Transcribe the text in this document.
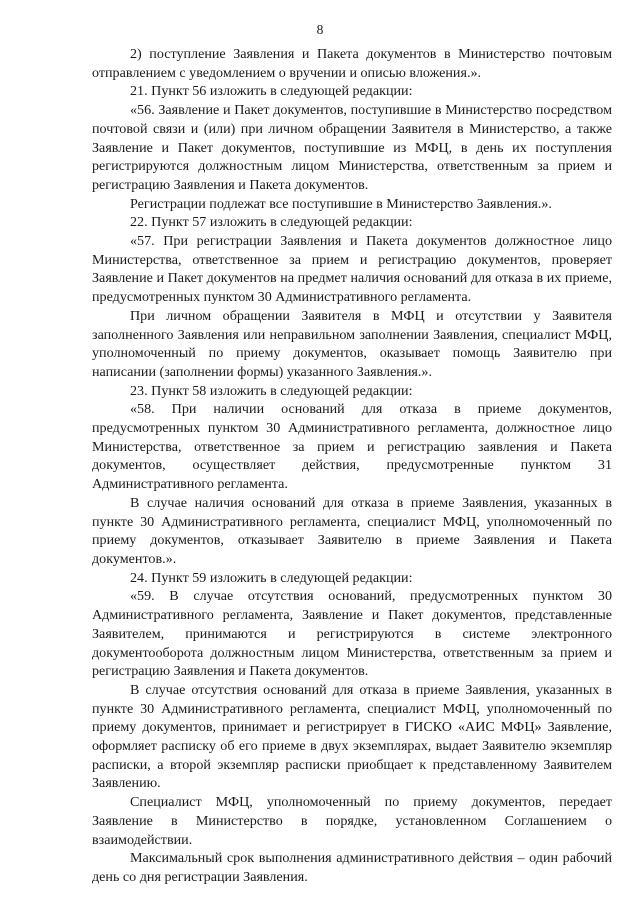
8

2) поступление Заявления и Пакета документов в Министерство почтовым отправлением с уведомлением о вручении и описью вложения.».

21. Пункт 56 изложить в следующей редакции:

«56. Заявление и Пакет документов, поступившие в Министерство посредством почтовой связи и (или) при личном обращении Заявителя в Министерство, а также Заявление и Пакет документов, поступившие из МФЦ, в день их поступления регистрируются должностным лицом Министерства, ответственным за прием и регистрацию Заявления и Пакета документов.

Регистрации подлежат все поступившие в Министерство Заявления.».

22. Пункт 57 изложить в следующей редакции:

«57. При регистрации Заявления и Пакета документов должностное лицо Министерства, ответственное за прием и регистрацию документов, проверяет Заявление и Пакет документов на предмет наличия оснований для отказа в их приеме, предусмотренных пунктом 30 Административного регламента.

При личном обращении Заявителя в МФЦ и отсутствии у Заявителя заполненного Заявления или неправильном заполнении Заявления, специалист МФЦ, уполномоченный по приему документов, оказывает помощь Заявителю при написании (заполнении формы) указанного Заявления.».

23. Пункт 58 изложить в следующей редакции:

«58. При наличии оснований для отказа в приеме документов, предусмотренных пунктом 30 Административного регламента, должностное лицо Министерства, ответственное за прием и регистрацию заявления и Пакета документов, осуществляет действия, предусмотренные пунктом 31 Административного регламента.

В случае наличия оснований для отказа в приеме Заявления, указанных в пункте 30 Административного регламента, специалист МФЦ, уполномоченный по приему документов, отказывает Заявителю в приеме Заявления и Пакета документов.».

24. Пункт 59 изложить в следующей редакции:

«59. В случае отсутствия оснований, предусмотренных пунктом 30 Административного регламента, Заявление и Пакет документов, представленные Заявителем, принимаются и регистрируются в системе электронного документооборота должностным лицом Министерства, ответственным за прием и регистрацию Заявления и Пакета документов.

В случае отсутствия оснований для отказа в приеме Заявления, указанных в пункте 30 Административного регламента, специалист МФЦ, уполномоченный по приему документов, принимает и регистрирует в ГИСКО «АИС МФЦ» Заявление, оформляет расписку об его приеме в двух экземплярах, выдает Заявителю экземпляр расписки, а второй экземпляр расписки приобщает к представленному Заявителем Заявлению.

Специалист МФЦ, уполномоченный по приему документов, передает Заявление в Министерство в порядке, установленном Соглашением о взаимодействии.

Максимальный срок выполнения административного действия – один рабочий день со дня регистрации Заявления.
